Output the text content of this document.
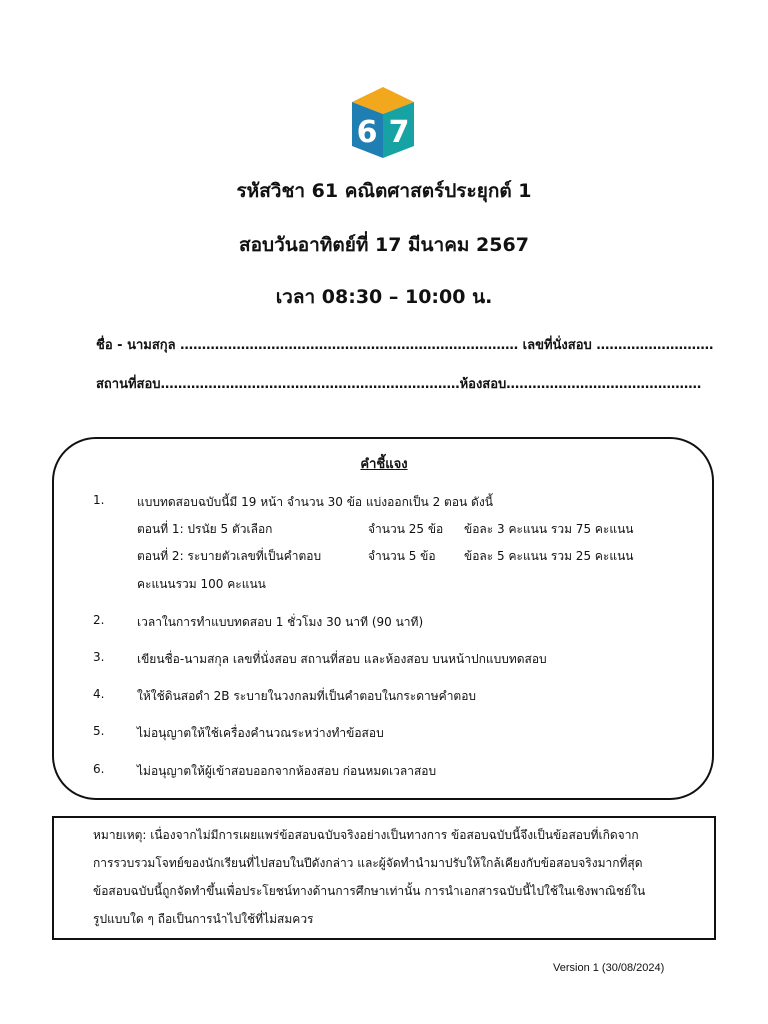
6 7
รหัสวิชา 61 คณิตศาสตร์ประยุกต์ 1
สอบวันอาทิตย์ที่ 17 มีนาคม 2567
เวลา 08:30 – 10:00 น.
ชื่อ - นามสกุล …………………………………………………………………… เลขที่นั่งสอบ ………………………
สถานที่สอบ……………………………………………………………ห้องสอบ………………………………………
คำชี้แจง
1.	แบบทดสอบฉบับนี้มี 19 หน้า จำนวน 30 ข้อ แบ่งออกเป็น 2 ตอน ดังนี้
ตอนที่ 1: ปรนัย 5 ตัวเลือก	จำนวน 25 ข้อ ข้อละ 3 คะแนน รวม 75 คะแนน
ตอนที่ 2: ระบายตัวเลขที่เป็นคำตอบ	จำนวน 5 ข้อ ข้อละ 5 คะแนน รวม 25 คะแนน
คะแนนรวม 100 คะแนน
2.	เวลาในการทำแบบทดสอบ 1 ชั่วโมง 30 นาที (90 นาที)
3.	เขียนชื่อ-นามสกุล เลขที่นั่งสอบ สถานที่สอบ และห้องสอบ บนหน้าปกแบบทดสอบ
4.	ให้ใช้ดินสอดำ 2B ระบายในวงกลมที่เป็นคำตอบในกระดาษคำตอบ
5.	ไม่อนุญาตให้ใช้เครื่องคำนวณระหว่างทำข้อสอบ
6.	ไม่อนุญาตให้ผู้เข้าสอบออกจากห้องสอบ ก่อนหมดเวลาสอบ
หมายเหตุ: เนื่องจากไม่มีการเผยแพร่ข้อสอบฉบับจริงอย่างเป็นทางการ ข้อสอบฉบับนี้จึงเป็นข้อสอบที่เกิดจาก
การรวบรวมโจทย์ของนักเรียนที่ไปสอบในปีดังกล่าว และผู้จัดทำนำมาปรับให้ใกล้เคียงกับข้อสอบจริงมากที่สุด
ข้อสอบฉบับนี้ถูกจัดทำขึ้นเพื่อประโยชน์ทางด้านการศึกษาเท่านั้น การนำเอกสารฉบับนี้ไปใช้ในเชิงพาณิชย์ใน
รูปแบบใด ๆ ถือเป็นการนำไปใช้ที่ไม่สมควร
Version 1 (30/08/2024)
